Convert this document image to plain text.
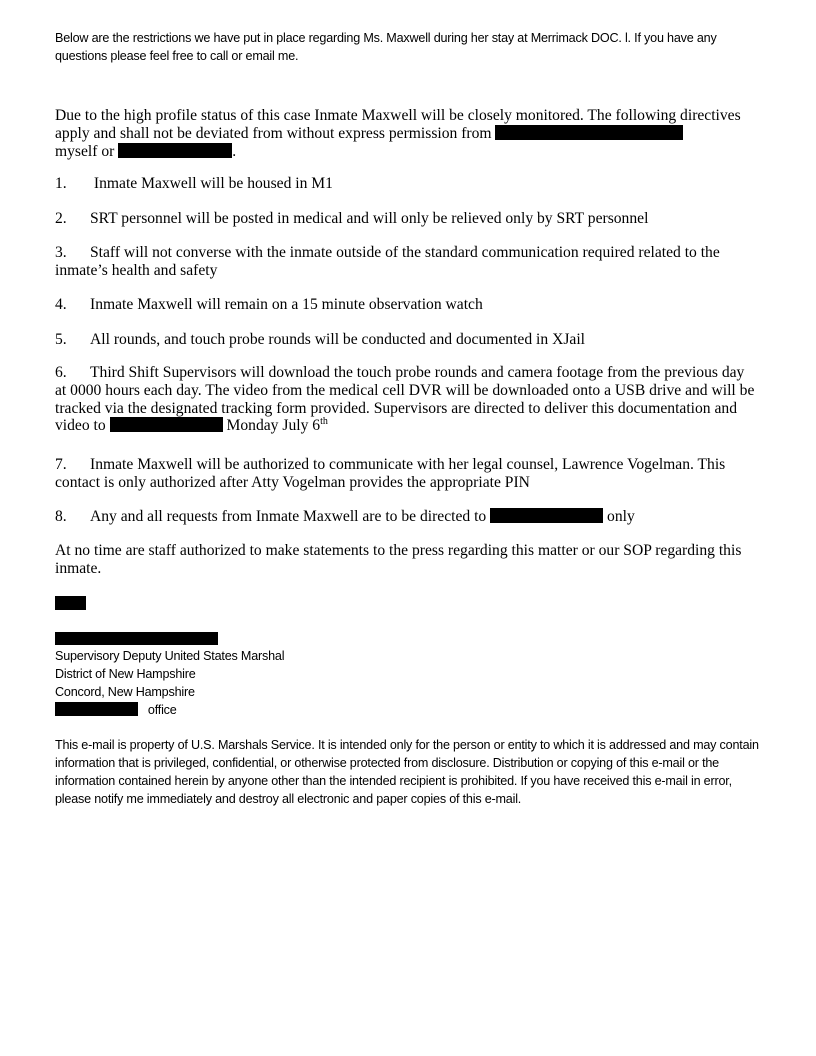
Below are the restrictions we have put in place regarding Ms. Maxwell during her stay at Merrimack DOC. l. If you have any questions please feel free to call or email me.

Due to the high profile status of this case Inmate Maxwell will be closely monitored. The following directives apply and shall not be deviated from without express permission from
myself or	.

1. Inmate Maxwell will be housed in M1

2. SRT personnel will be posted in medical and will only be relieved only by SRT personnel

3. Staff will not converse with the inmate outside of the standard communication required related to the inmate’s health and safety

4. Inmate Maxwell will remain on a 15 minute observation watch

5. All rounds, and touch probe rounds will be conducted and documented in XJail

6. Third Shift Supervisors will download the touch probe rounds and camera footage from the previous day at 0000 hours each day. The video from the medical cell DVR will be downloaded onto a USB drive and will be tracked via the designated tracking form provided. Supervisors are directed to deliver this documentation and video to	Monday July 6th

7. Inmate Maxwell will be authorized to communicate with her legal counsel, Lawrence Vogelman. This contact is only authorized after Atty Vogelman provides the appropriate PIN

8. Any and all requests from Inmate Maxwell are to be directed to	only

At no time are staff authorized to make statements to the press regarding this matter or our SOP regarding this inmate.

Supervisory Deputy United States Marshal
District of New Hampshire
Concord, New Hampshire
office

This e-mail is property of U.S. Marshals Service. It is intended only for the person or entity to which it is addressed and may contain information that is privileged, confidential, or otherwise protected from disclosure. Distribution or copying of this e-mail or the information contained herein by anyone other than the intended recipient is prohibited. If you have received this e-mail in error, please notify me immediately and destroy all electronic and paper copies of this e-mail.
